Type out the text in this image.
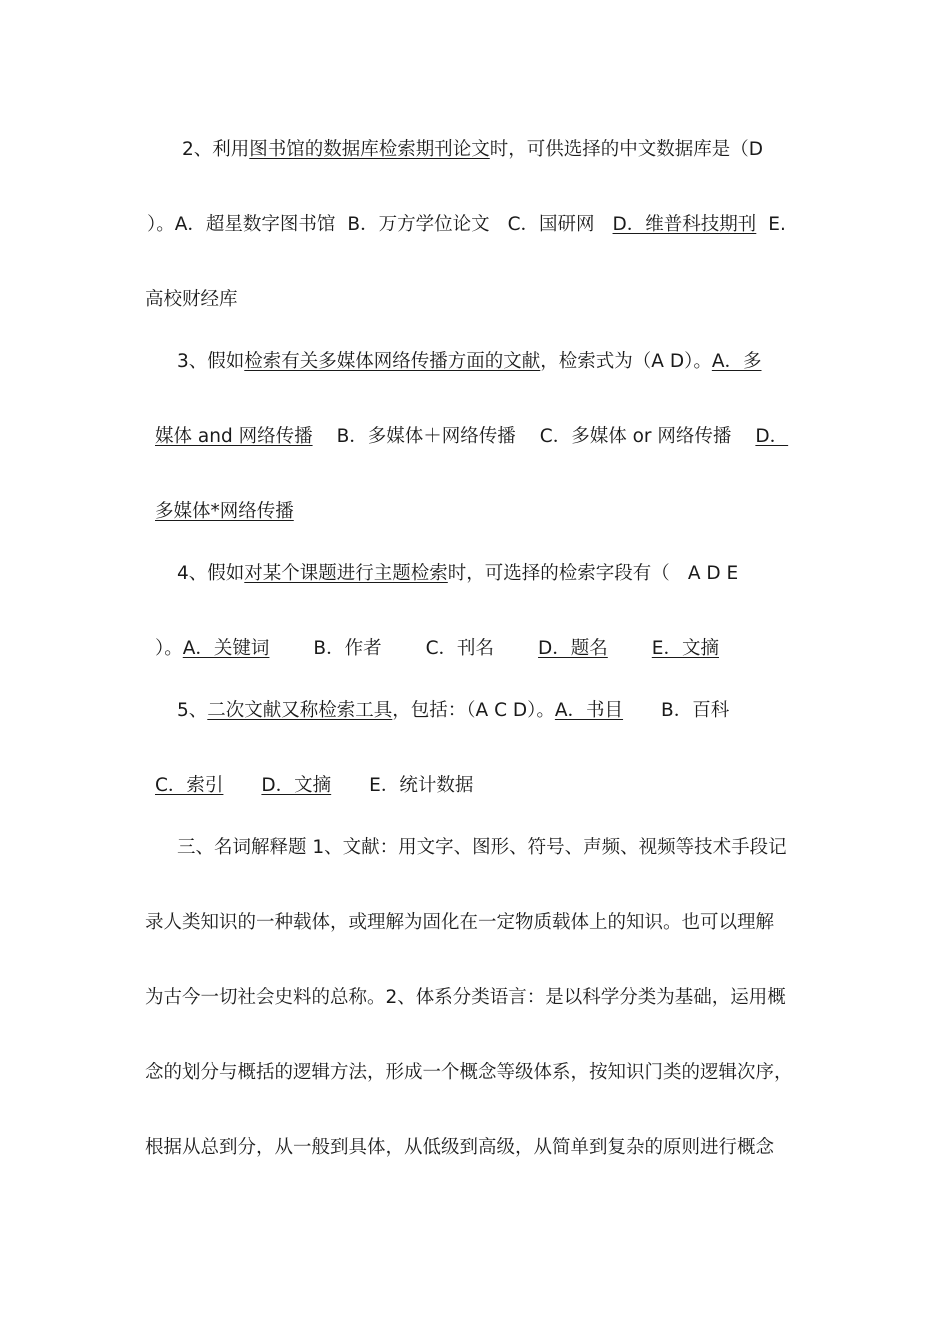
2、利用图书馆的数据库检索期刊论文时，可供选择的中文数据库是（D
）。A．超星数字图书馆 B．万方学位论文 C．国研网 D．维普科技期刊 E.
高校财经库
3、假如检索有关多媒体网络传播方面的文献，检索式为（A D）。A．多
媒体 and 网络传播 B．多媒体＋网络传播 C．多媒体 or 网络传播 D．
多媒体*网络传播
4、假如对某个课题进行主题检索时，可选择的检索字段有（ A D E
）。A．关键词 B．作者 C．刊名 D．题名 E．文摘
5、二次文献又称检索工具，包括：（A C D）。A．书目 B．百科
C．索引 D．文摘 E．统计数据
三、名词解释题 1、文献：用文字、图形、符号、声频、视频等技术手段记
录人类知识的一种载体，或理解为固化在一定物质载体上的知识。也可以理解
为古今一切社会史料的总称。2、体系分类语言：是以科学分类为基础，运用概
念的划分与概括的逻辑方法，形成一个概念等级体系，按知识门类的逻辑次序，
根据从总到分，从一般到具体，从低级到高级，从简单到复杂的原则进行概念
